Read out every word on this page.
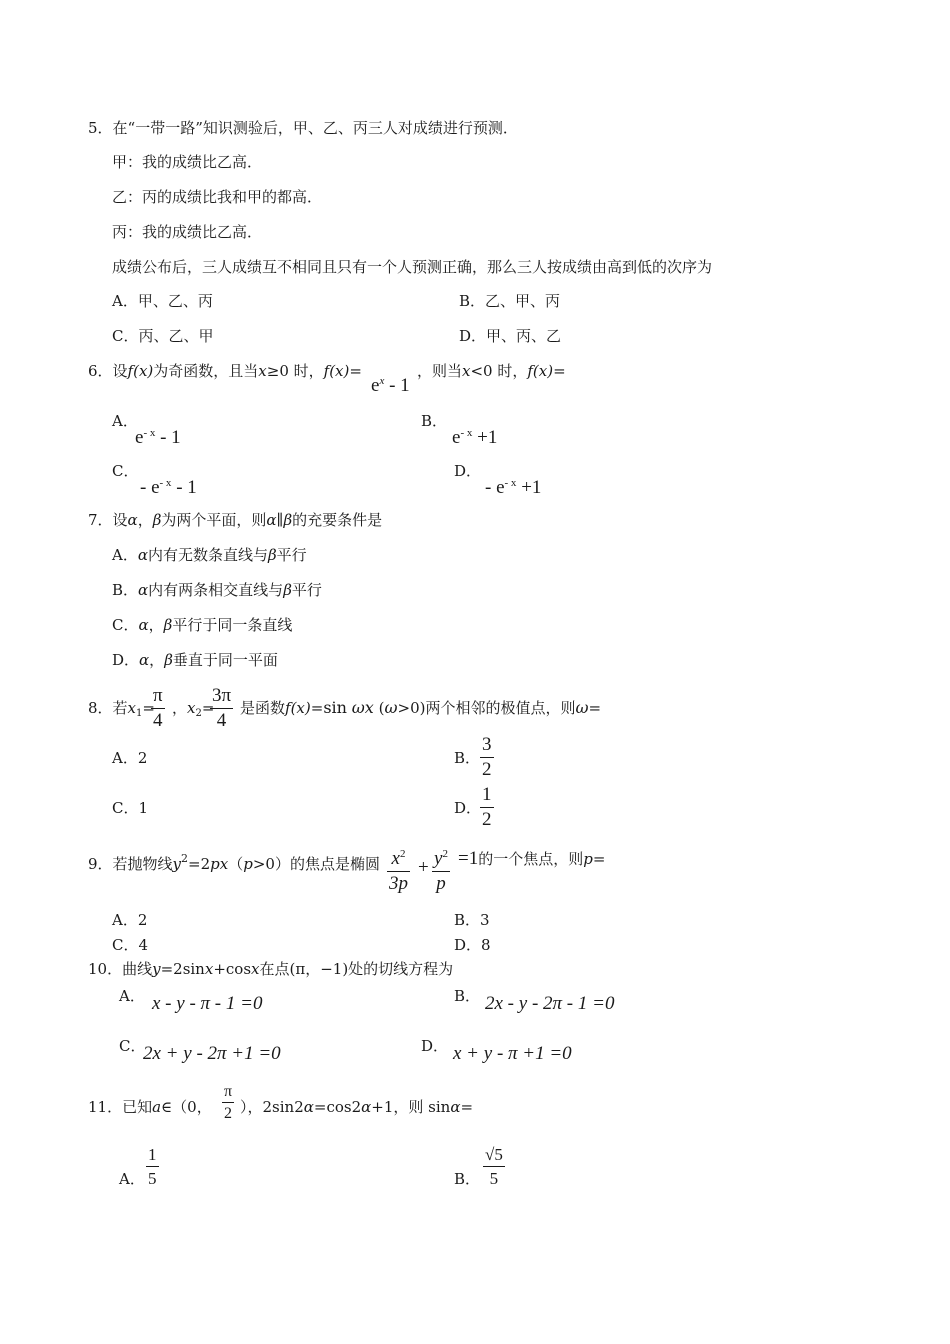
5．在“一带一路”知识测验后，甲、乙、丙三人对成绩进行预测．
甲：我的成绩比乙高．
乙：丙的成绩比我和甲的都高．
丙：我的成绩比乙高．
成绩公布后，三人成绩互不相同且只有一个人预测正确，那么三人按成绩由高到低的次序为
A．甲、乙、丙	B．乙、甲、丙
C．丙、乙、甲	D．甲、丙、乙
6．设f(x)为奇函数，且当x≥0 时，f(x)=
$e^x - 1$
，则当x<0 时，f(x)=
A．
$e^{- x} - 1$
B．
$e^{- x} +1$
C．
- $e^{- x} - 1$
D．
- $e^{- x} +1$
7．设α，β为两个平面，则α∥β的充要条件是
A．α内有无数条直线与β平行
B．α内有两条相交直线与β平行
C．α，β平行于同一条直线
D．α，β垂直于同一平面
8．若$x_1=$
π
4
，$x_2=$
3π
4
是函数f(x)=sin ωx (ω>0)两个相邻的极值点，则ω=
A．2	B．
3
2
C．1	D．
1
2
9．若抛物线$y^2=2px(p>0)$的焦点是椭圆 $x^2$
3p
+ $y^2$
p
=1的一个焦点，则p=
A．2	B．3
C．4	D．8
10．曲线y=2sinx+cosx在点(π，−1)处的切线方程为
A． x - y - π - 1 =0	B． 2x - y - 2π - 1 =0
C．
2x + y - 2π +1 =0	D． x + y - π +1 =0
11．已知a∈（0，
π
2 ），2sin2α=cos2α+1，则 sinα=
A．
1
5	B．
√5
5
